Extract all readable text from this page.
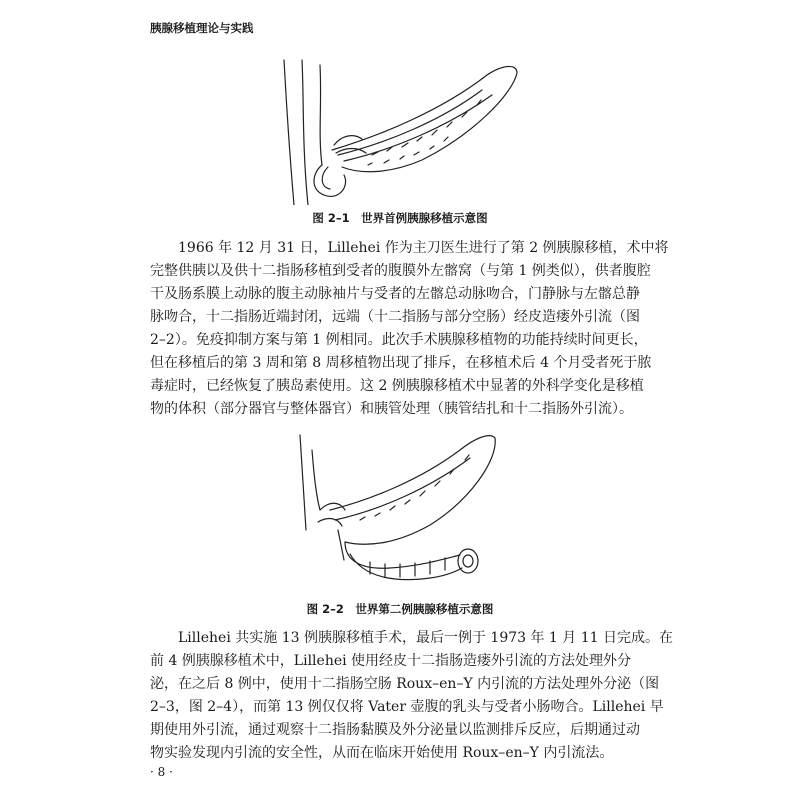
胰腺移植理论与实践
图 2–1　世界首例胰腺移植示意图

　　1966 年 12 月 31 日，Lillehei 作为主刀医生进行了第 2 例胰腺移植，术中将
完整供胰以及供十二指肠移植到受者的腹膜外左髂窝（与第 1 例类似），供者腹腔
干及肠系膜上动脉的腹主动脉袖片与受者的左髂总动脉吻合，门静脉与左髂总静
脉吻合，十二指肠近端封闭，远端（十二指肠与部分空肠）经皮造瘘外引流（图
2–2）。免疫抑制方案与第 1 例相同。此次手术胰腺移植物的功能持续时间更长，
但在移植后的第 3 周和第 8 周移植物出现了排斥，在移植术后 4 个月受者死于脓
毒症时，已经恢复了胰岛素使用。这 2 例胰腺移植术中显著的外科学变化是移植
物的体积（部分器官与整体器官）和胰管处理（胰管结扎和十二指肠外引流）。

图 2–2　世界第二例胰腺移植示意图

　　Lillehei 共实施 13 例胰腺移植手术，最后一例于 1973 年 1 月 11 日完成。在
前 4 例胰腺移植术中，Lillehei 使用经皮十二指肠造瘘外引流的方法处理外分
泌，在之后 8 例中，使用十二指肠空肠 Roux–en–Y 内引流的方法处理外分泌（图
2–3，图 2–4），而第 13 例仅仅将 Vater 壶腹的乳头与受者小肠吻合。Lillehei 早
期使用外引流，通过观察十二指肠黏膜及外分泌量以监测排斥反应，后期通过动
物实验发现内引流的安全性，从而在临床开始使用 Roux–en–Y 内引流法。

· 8 ·
